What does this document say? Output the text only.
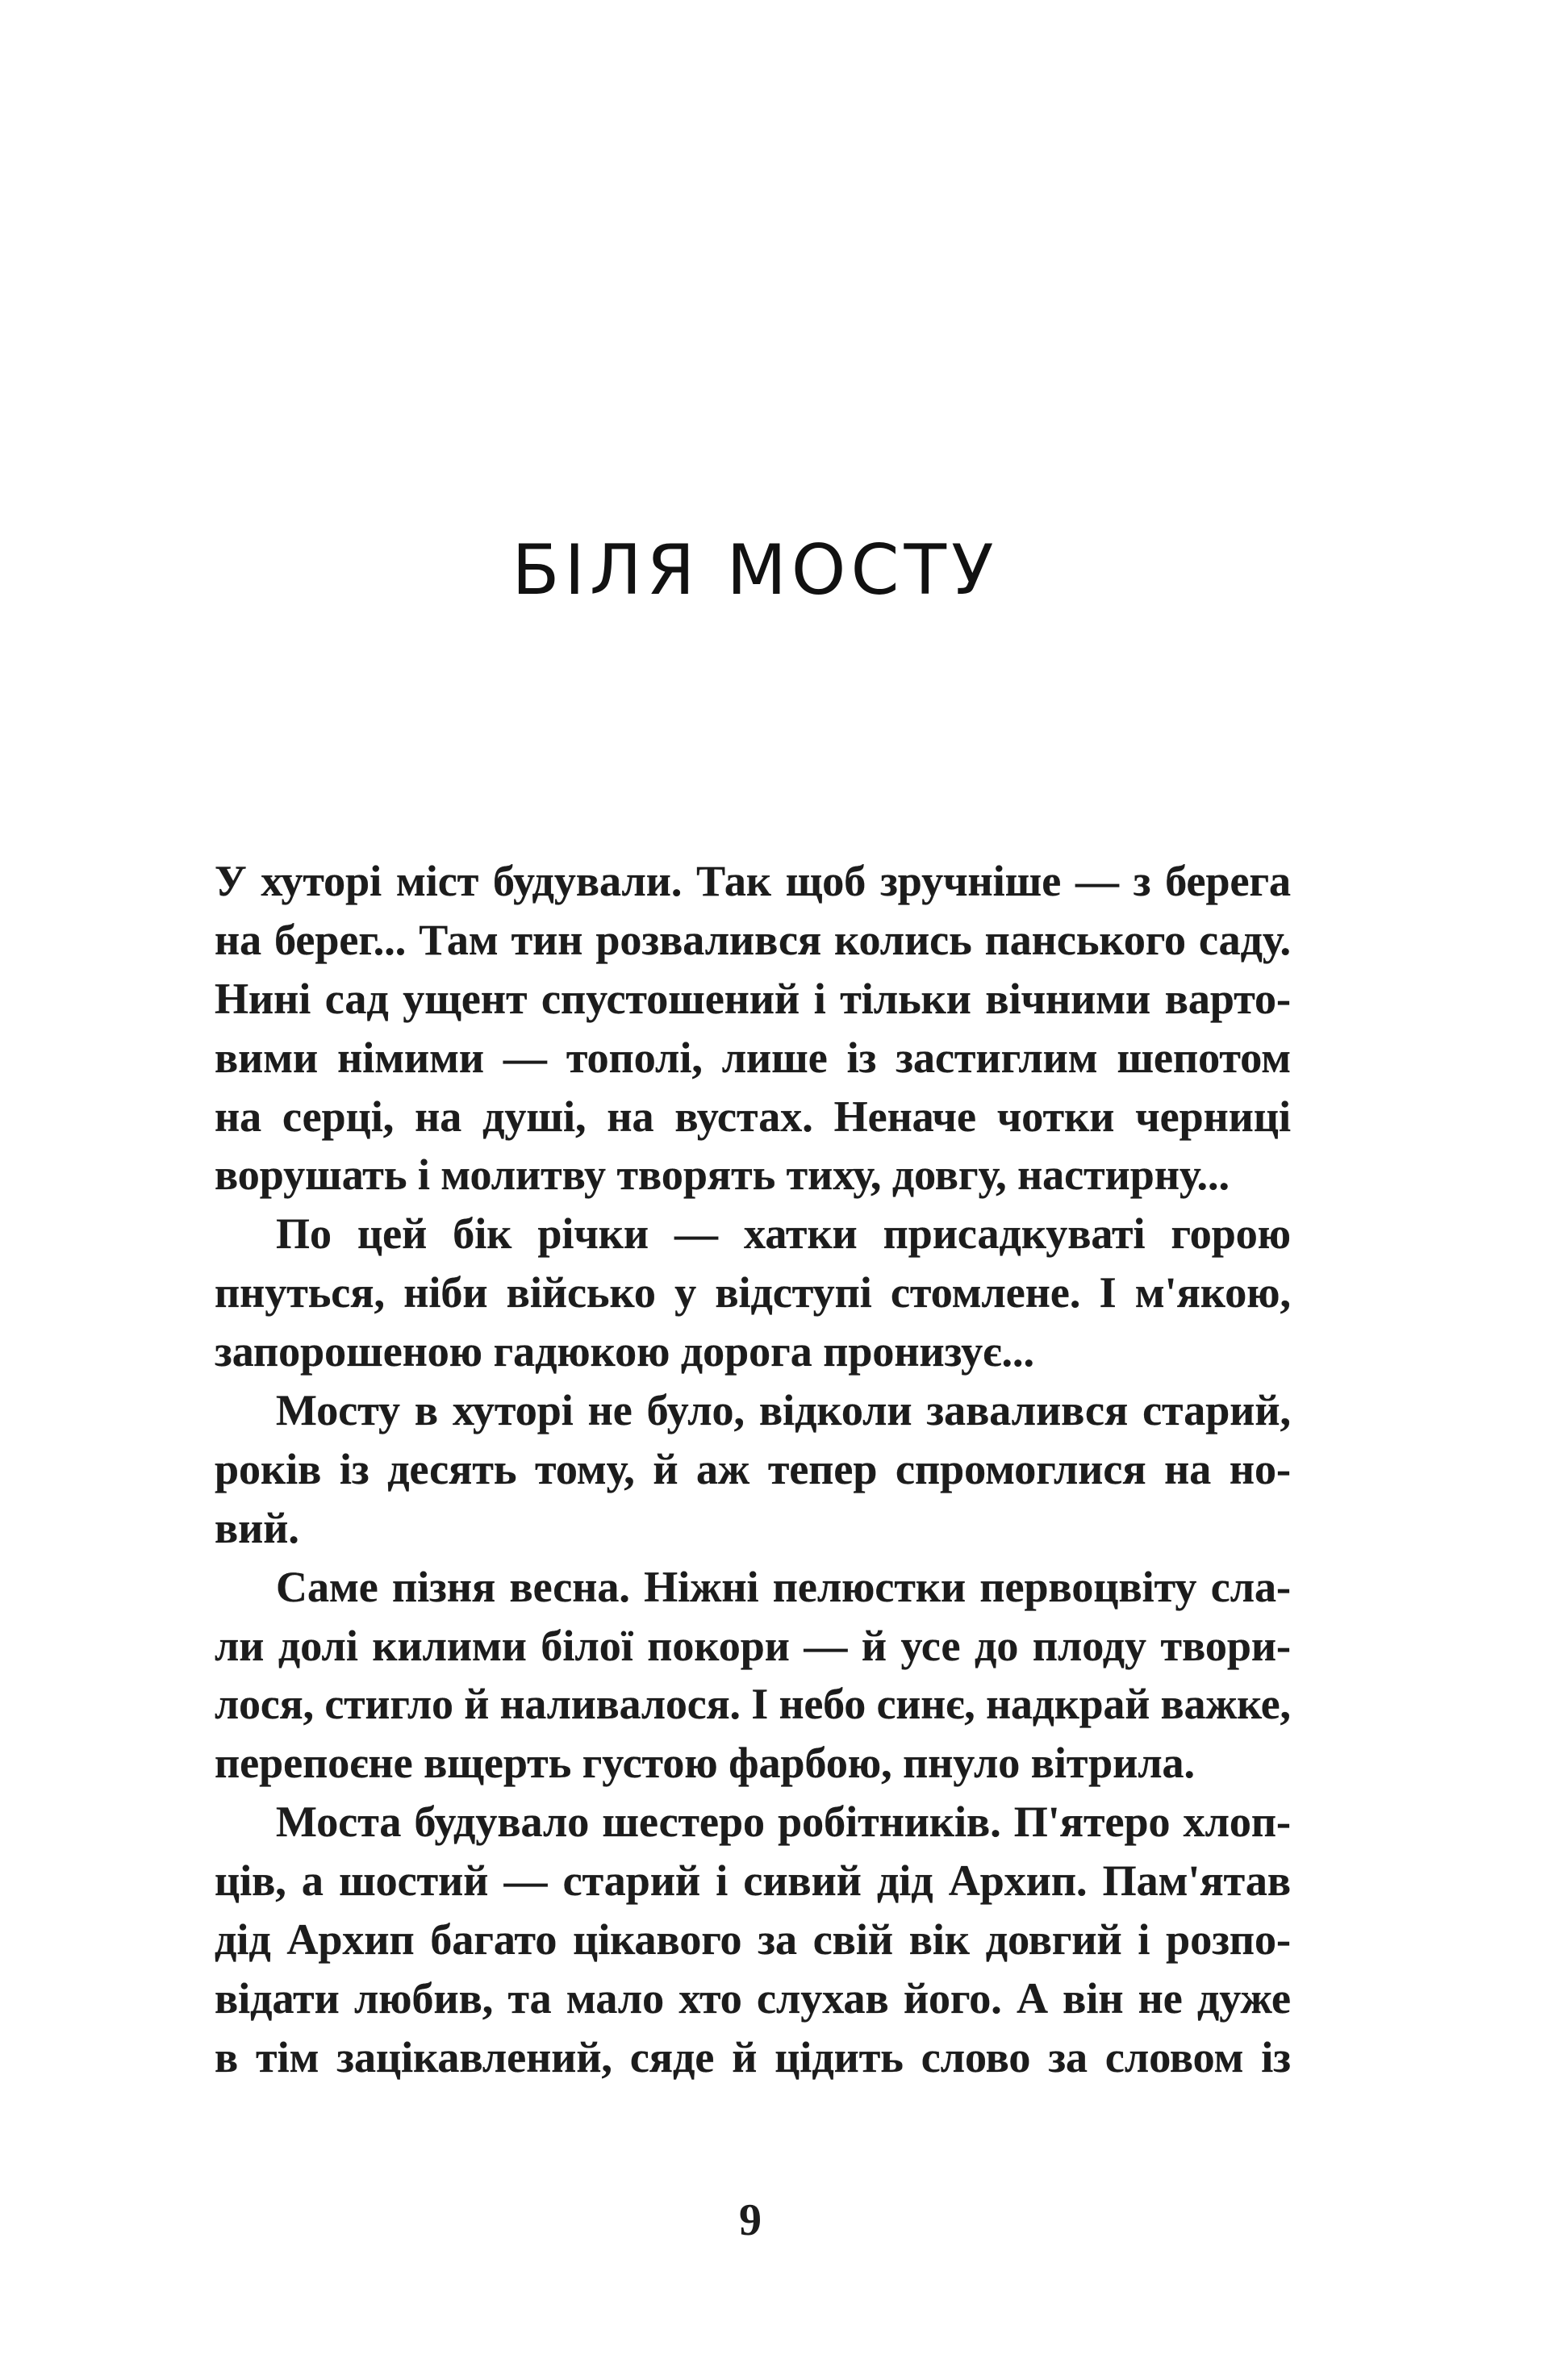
БІЛЯ МОСТУ
У хуторі міст будували. Так щоб зручніше — з берега
на берег... Там тин розвалився колись панського саду.
Нині сад ущент спустошений і тільки вічними варто-
вими німими — тополі, лише із застиглим шепотом
на серці, на душі, на вустах. Неначе чотки черниці
ворушать і молитву творять тиху, довгу, настирну...
По цей бік річки — хатки присадкуваті горою
пнуться, ніби військо у відступі стомлене. І м'якою,
запорошеною гадюкою дорога пронизує...
Мосту в хуторі не було, відколи завалився старий,
років із десять тому, й аж тепер спромоглися на но-
вий.
Саме пізня весна. Ніжні пелюстки первоцвіту сла-
ли долі килими білої покори — й усе до плоду твори-
лося, стигло й наливалося. І небо синє, надкрай важке,
перепоєне вщерть густою фарбою, пнуло вітрила.
Моста будувало шестеро робітників. П'ятеро хлоп-
ців, а шостий — старий і сивий дід Архип. Пам'ятав
дід Архип багато цікавого за свій вік довгий і розпо-
відати любив, та мало хто слухав його. А він не дуже
в тім зацікавлений, сяде й цідить слово за словом із
9
